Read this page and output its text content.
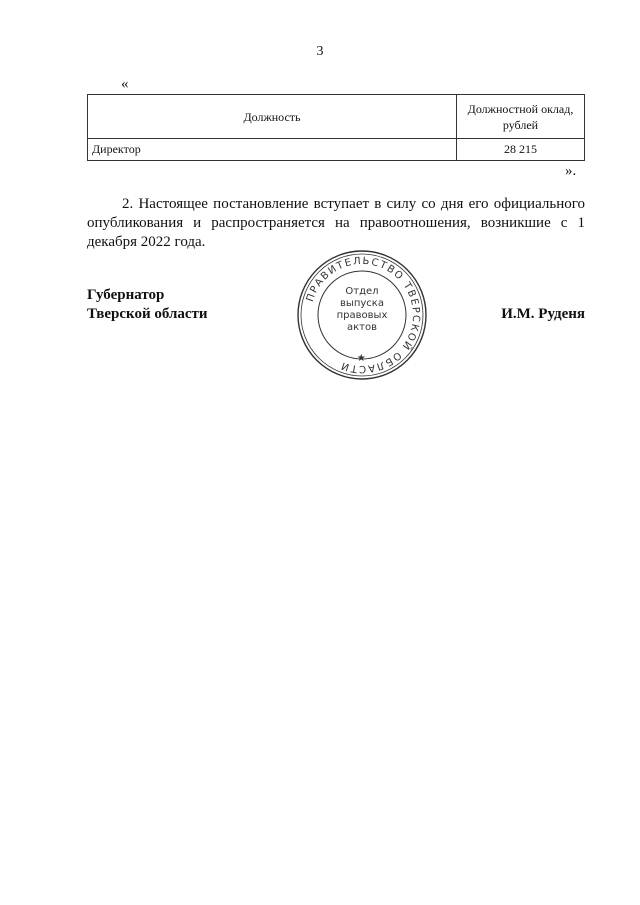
3
«
Должность	Должностной оклад, рублей
Директор	28 215
».

2. Настоящее постановление вступает в силу со дня его официального опубликования и распространяется на правоотношения, возникшие с 1 декабря 2022 года.

Губернатор
Тверской области	И.М. Руденя
ПРАВИТЕЛЬСТВО ТВЕРСКОЙ ОБЛАСТИ
★
Отдел
выпуска
правовых
актов
